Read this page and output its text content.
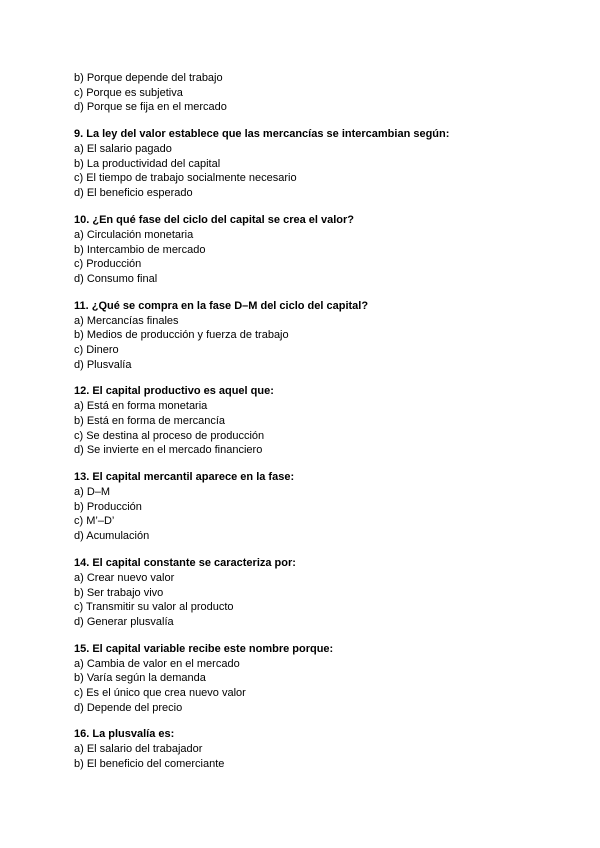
b) Porque depende del trabajo
c) Porque es subjetiva
d) Porque se fija en el mercado
9. La ley del valor establece que las mercancías se intercambian según:
a) El salario pagado
b) La productividad del capital
c) El tiempo de trabajo socialmente necesario
d) El beneficio esperado
10. ¿En qué fase del ciclo del capital se crea el valor?
a) Circulación monetaria
b) Intercambio de mercado
c) Producción
d) Consumo final
11. ¿Qué se compra en la fase D–M del ciclo del capital?
a) Mercancías finales
b) Medios de producción y fuerza de trabajo
c) Dinero
d) Plusvalía
12. El capital productivo es aquel que:
a) Está en forma monetaria
b) Está en forma de mercancía
c) Se destina al proceso de producción
d) Se invierte en el mercado financiero
13. El capital mercantil aparece en la fase:
a) D–M
b) Producción
c) M’–D’
d) Acumulación
14. El capital constante se caracteriza por:
a) Crear nuevo valor
b) Ser trabajo vivo
c) Transmitir su valor al producto
d) Generar plusvalía
15. El capital variable recibe este nombre porque:
a) Cambia de valor en el mercado
b) Varía según la demanda
c) Es el único que crea nuevo valor
d) Depende del precio
16. La plusvalía es:
a) El salario del trabajador
b) El beneficio del comerciante
